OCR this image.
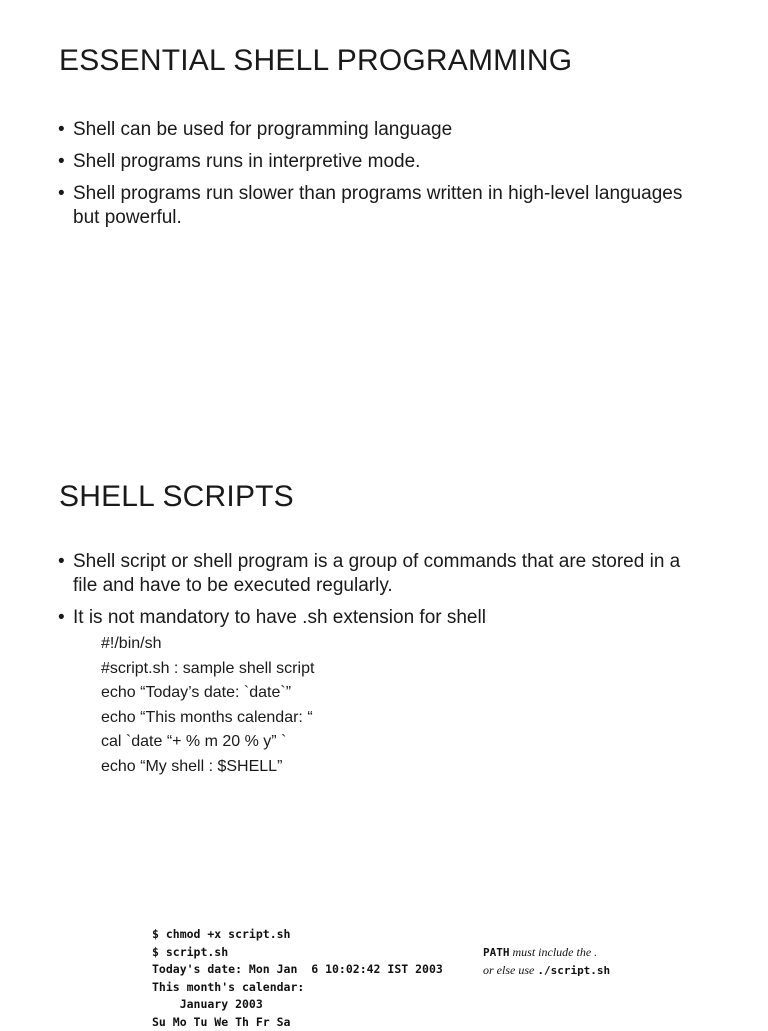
ESSENTIAL SHELL PROGRAMMING
• Shell can be used for programming language
• Shell programs runs in interpretive mode.
• Shell programs run slower than programs written in high-level languages but powerful.
SHELL SCRIPTS
• Shell script or shell program is a group of commands that are stored in a file and have to be executed regularly.
• It is not mandatory to have .sh extension for shell
#!/bin/sh
#script.sh : sample shell script
echo “Today’s date: `date`”
echo “This months calendar: “
cal `date “+ % m 20 % y” `
echo “My shell : $SHELL”
$ chmod +x script.sh
$ script.sh
Today's date: Mon Jan  6 10:02:42 IST 2003
This month's calendar:
January 2003
Su Mo Tu We Th Fr Sa
PATH must include the .
or else use ./script.sh
